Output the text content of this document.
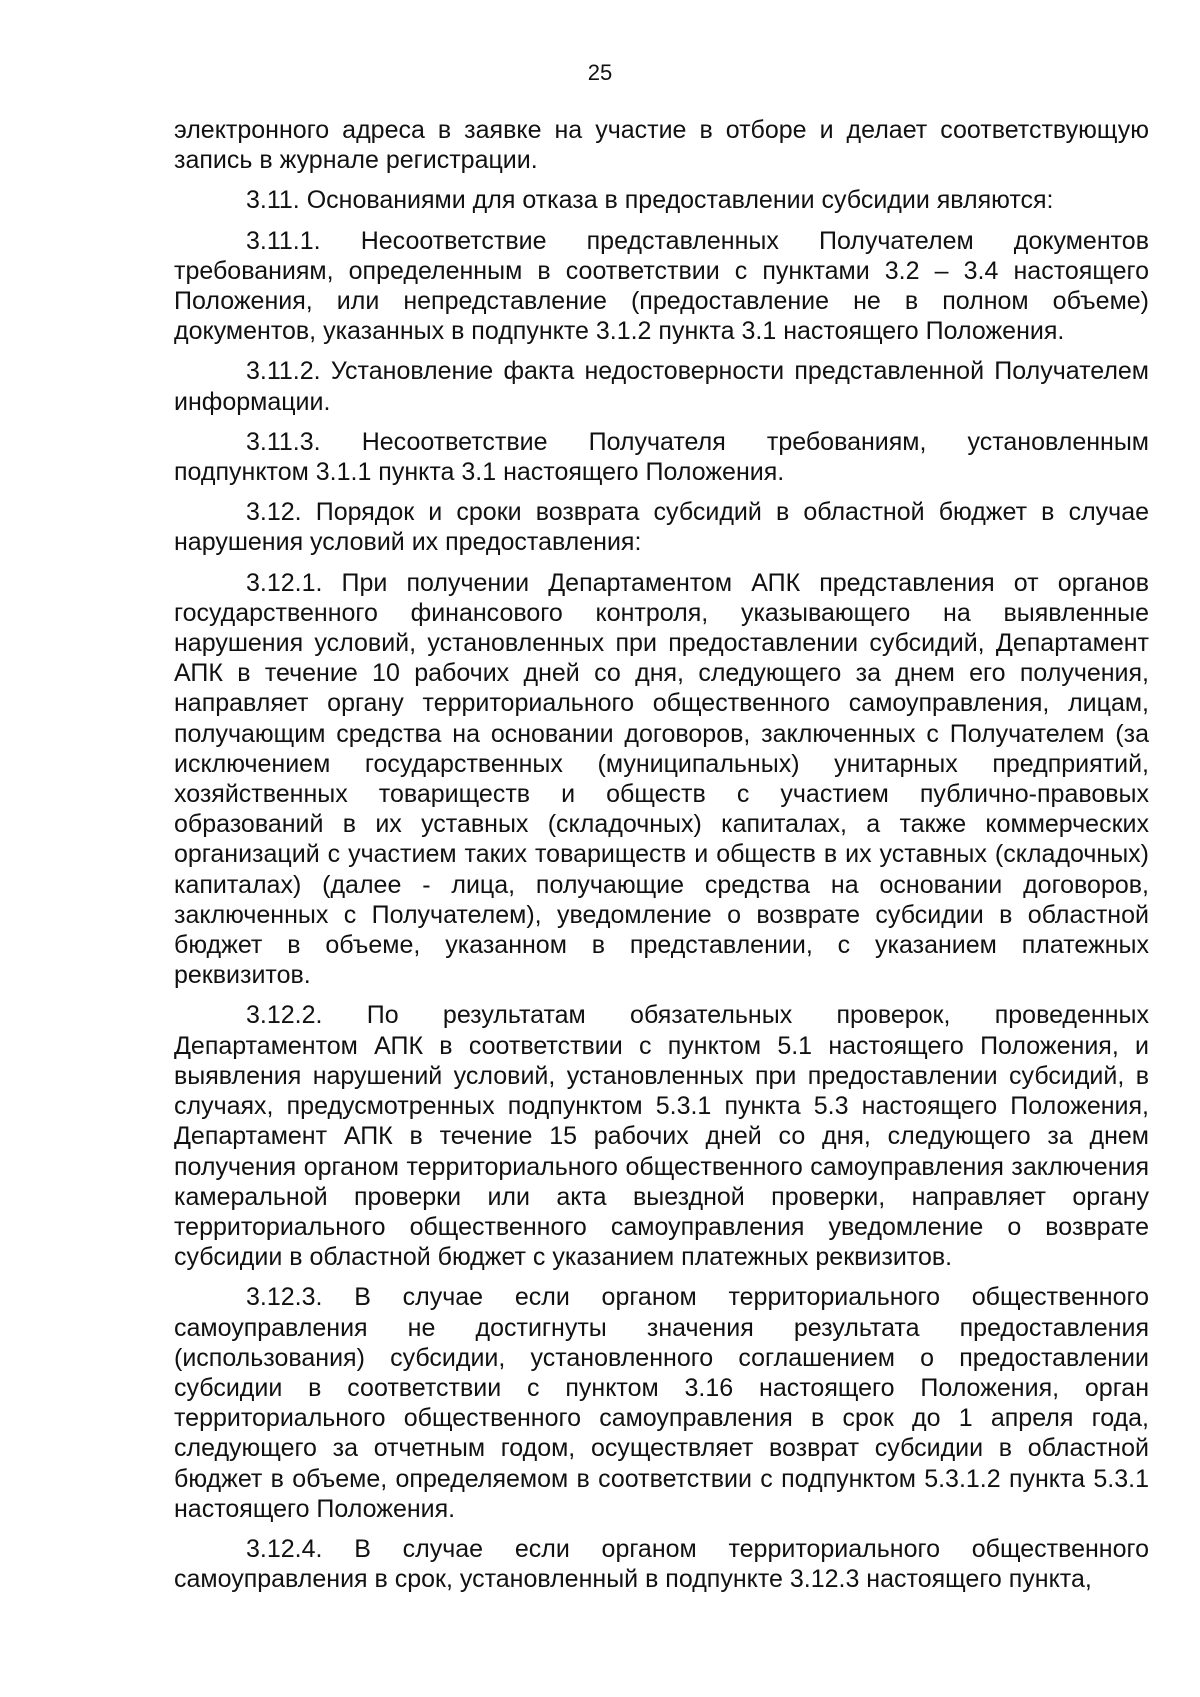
25

электронного адреса в заявке на участие в отборе и делает соответствующую запись в журнале регистрации.

3.11. Основаниями для отказа в предоставлении субсидии являются:

3.11.1. Несоответствие представленных Получателем документов требованиям, определенным в соответствии с пунктами 3.2 – 3.4 настоящего Положения, или непредставление (предоставление не в полном объеме) документов, указанных в подпункте 3.1.2 пункта 3.1 настоящего Положения.

3.11.2. Установление факта недостоверности представленной Получателем информации.

3.11.3. Несоответствие Получателя требованиям, установленным подпунктом 3.1.1 пункта 3.1 настоящего Положения.

3.12. Порядок и сроки возврата субсидий в областной бюджет в случае нарушения условий их предоставления:

3.12.1. При получении Департаментом АПК представления от органов государственного финансового контроля, указывающего на выявленные нарушения условий, установленных при предоставлении субсидий, Департамент АПК в течение 10 рабочих дней со дня, следующего за днем его получения, направляет органу территориального общественного самоуправления, лицам, получающим средства на основании договоров, заключенных с Получателем (за исключением государственных (муниципальных) унитарных предприятий, хозяйственных товариществ и обществ с участием публично-правовых образований в их уставных (складочных) капиталах, а также коммерческих организаций с участием таких товариществ и обществ в их уставных (складочных) капиталах) (далее - лица, получающие средства на основании договоров, заключенных с Получателем), уведомление о возврате субсидии в областной бюджет в объеме, указанном в представлении, с указанием платежных реквизитов.

3.12.2. По результатам обязательных проверок, проведенных Департаментом АПК в соответствии с пунктом 5.1 настоящего Положения, и выявления нарушений условий, установленных при предоставлении субсидий, в случаях, предусмотренных подпунктом 5.3.1 пункта 5.3 настоящего Положения, Департамент АПК в течение 15 рабочих дней со дня, следующего за днем получения органом территориального общественного самоуправления заключения камеральной проверки или акта выездной проверки, направляет органу территориального общественного самоуправления уведомление о возврате субсидии в областной бюджет с указанием платежных реквизитов.

3.12.3. В случае если органом территориального общественного самоуправления не достигнуты значения результата предоставления (использования) субсидии, установленного соглашением о предоставлении субсидии в соответствии с пунктом 3.16 настоящего Положения, орган территориального общественного самоуправления в срок до 1 апреля года, следующего за отчетным годом, осуществляет возврат субсидии в областной бюджет в объеме, определяемом в соответствии с подпунктом 5.3.1.2 пункта 5.3.1 настоящего Положения.

3.12.4. В случае если органом территориального общественного самоуправления в срок, установленный в подпункте 3.12.3 настоящего пункта,
